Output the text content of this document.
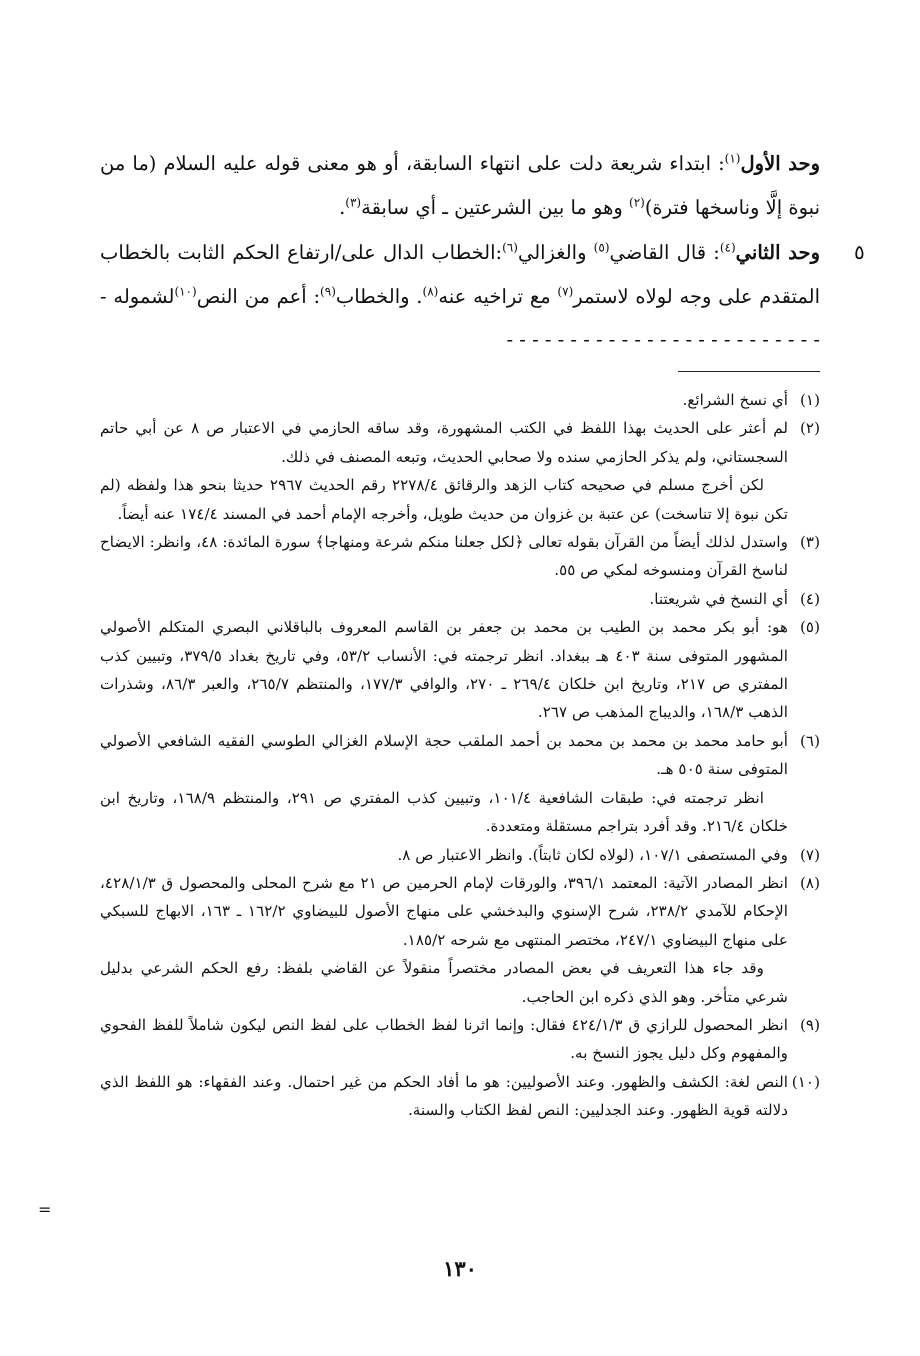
وحد الأول$^{(١)}$: ابتداء شريعة دلت على انتهاء السابقة، أو هو معنى قوله عليه السلام (ما من نبوة إلَّا وناسخها فترة)$^{(٢)}$ وهو ما بين الشرعتين ـ أي سابقة$^{(٣)}$.

وحد الثاني$^{(٤)}$: قال القاضي$^{(٥)}$ والغزالي$^{(٦)}$:الخطاب الدال على/ارتفاع الحكم الثابت بالخطاب المتقدم على وجه لولاه لاستمر$^{(٧)}$ مع تراخيه عنه$^{(٨)}$. والخطاب$^{(٩)}$: أعم من النص$^{(١٠)}$لشموله - - - - - - - - - - - - - - - - - - - - - - - - - -

٥
(١)
أي نسخ الشرائع.
(٢)
لم أعثر على الحديث بهذا اللفظ في الكتب المشهورة، وقد ساقه الحازمي في الاعتبار ص ٨ عن أبي حاتم السجستاني، ولم يذكر الحازمي سنده ولا صحابي الحديث، وتبعه المصنف في ذلك.

لكن أخرج مسلم في صحيحه كتاب الزهد والرقائق ٢٢٧٨/٤ رقم الحديث ٢٩٦٧ حديثا بنحو هذا ولفظه (لم تكن نبوة إلا تناسخت) عن عتبة بن غزوان من حديث طويل، وأخرجه الإمام أحمد في المسند ١٧٤/٤ عنه أيضاً.

(٣)
واستدل لذلك أيضاً من القرآن بقوله تعالى ﴿لكل جعلنا منكم شرعة ومنهاجا﴾ سورة المائدة: ٤٨، وانظر: الايضاح لناسخ القرآن ومنسوخه لمكي ص ٥٥.
(٤)
أي النسخ في شريعتنا.
(٥)
هو: أبو بكر محمد بن الطيب بن محمد بن جعفر بن القاسم المعروف بالباقلاني البصري المتكلم الأصولي المشهور المتوفى سنة ٤٠٣ هـ ببغداد. انظر ترجمته في: الأنساب ٥٣/٢، وفي تاريخ بغداد ٣٧٩/٥، وتبيين كذب المفتري ص ٢١٧، وتاريخ ابن خلكان ٢٦٩/٤ ـ ٢٧٠، والوافي ١٧٧/٣، والمنتظم ٢٦٥/٧، والعبر ٨٦/٣، وشذرات الذهب ١٦٨/٣، والديباج المذهب ص ٢٦٧.
(٦)
أبو حامد محمد بن محمد بن محمد بن أحمد الملقب حجة الإسلام الغزالي الطوسي الفقيه الشافعي الأصولي المتوفى سنة ٥٠٥ هـ.

انظر ترجمته في: طبقات الشافعية ١٠١/٤، وتبيين كذب المفتري ص ٢٩١، والمنتظم ١٦٨/٩، وتاريخ ابن خلكان ٢١٦/٤. وقد أفرد بتراجم مستقلة ومتعددة.

(٧)
وفي المستصفى ١٠٧/١، (لولاه لكان ثابتاً). وانظر الاعتبار ص ٨.
(٨)
انظر المصادر الآتية: المعتمد ٣٩٦/١، والورقات لإمام الحرمين ص ٢١ مع شرح المحلى والمحصول ق ٤٢٨/١/٣، الإحكام للآمدي ٢٣٨/٢، شرح الإسنوي والبدخشي على منهاج الأصول للبيضاوي ١٦٢/٢ ـ ١٦٣، الابهاج للسبكي على منهاج البيضاوي ٢٤٧/١، مختصر المنتهى مع شرحه ١٨٥/٢.

وقد جاء هذا التعريف في بعض المصادر مختصراً منقولاً عن القاضي بلفظ: رفع الحكم الشرعي بدليل شرعي متأخر. وهو الذي ذكره ابن الحاجب.

(٩)
انظر المحصول للرازي ق ٤٢٤/١/٣ فقال: وإنما اثرنا لفظ الخطاب على لفظ النص ليكون شاملاً للفظ الفحوي والمفهوم وكل دليل يجوز النسخ به.
(١٠)
النص لغة: الكشف والظهور. وعند الأصوليين: هو ما أفاد الحكم من غير احتمال. وعند الفقهاء: هو اللفظ الذي دلالته قوية الظهور. وعند الجدليين: النص لفظ الكتاب والسنة.
=
١٣٠
